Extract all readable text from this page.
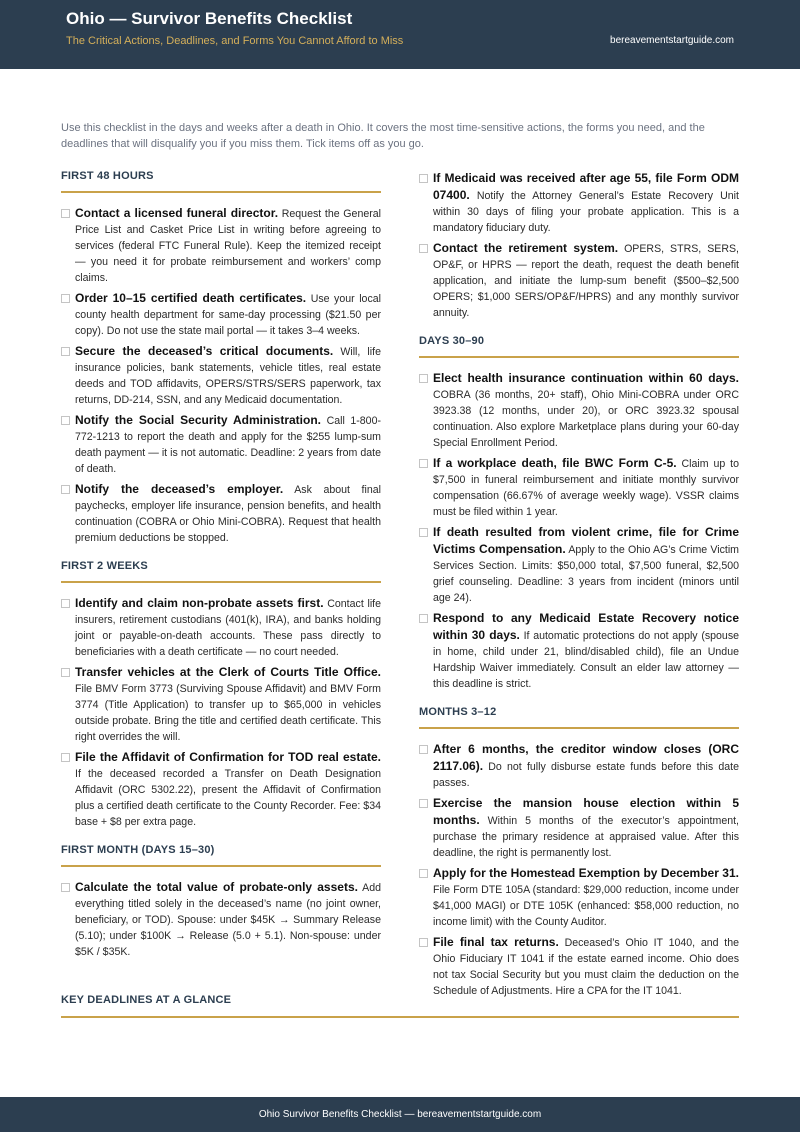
Ohio — Survivor Benefits Checklist
The Critical Actions, Deadlines, and Forms You Cannot Afford to Miss	bereavementstartguide.com

Use this checklist in the days and weeks after a death in Ohio. It covers the most time-sensitive actions, the forms you need, and the deadlines that will disqualify you if you miss them. Tick items off as you go.

FIRST 48 HOURS
Contact a licensed funeral director. Request the General Price List and Casket Price List in writing before agreeing to services (federal FTC Funeral Rule). Keep the itemized receipt — you need it for probate reimbursement and workers’ comp claims.
Order 10–15 certified death certificates. Use your local county health department for same-day processing ($21.50 per copy). Do not use the state mail portal — it takes 3–4 weeks.
Secure the deceased’s critical documents. Will, life insurance policies, bank statements, vehicle titles, real estate deeds and TOD affidavits, OPERS/STRS/SERS paperwork, tax returns, DD-214, SSN, and any Medicaid documentation.
Notify the Social Security Administration. Call 1-800-772-1213 to report the death and apply for the $255 lump-sum death payment — it is not automatic. Deadline: 2 years from date of death.
Notify the deceased’s employer. Ask about final paychecks, employer life insurance, pension benefits, and health continuation (COBRA or Ohio Mini-COBRA). Request that health premium deductions be stopped.
FIRST 2 WEEKS
Identify and claim non-probate assets first. Contact life insurers, retirement custodians (401(k), IRA), and banks holding joint or payable-on-death accounts. These pass directly to beneficiaries with a death certificate — no court needed.
Transfer vehicles at the Clerk of Courts Title Office. File BMV Form 3773 (Surviving Spouse Affidavit) and BMV Form 3774 (Title Application) to transfer up to $65,000 in vehicles outside probate. Bring the title and certified death certificate. This right overrides the will.
File the Affidavit of Confirmation for TOD real estate. If the deceased recorded a Transfer on Death Designation Affidavit (ORC 5302.22), present the Affidavit of Confirmation plus a certified death certificate to the County Recorder. Fee: $34 base + $8 per extra page.
FIRST MONTH (DAYS 15–30)
Calculate the total value of probate-only assets. Add everything titled solely in the deceased’s name (no joint owner, beneficiary, or TOD). Spouse: under $45K → Summary Release (5.10); under $100K → Release (5.0 + 5.1). Non-spouse: under $5K / $35K.
If Medicaid was received after age 55, file Form ODM 07400. Notify the Attorney General’s Estate Recovery Unit within 30 days of filing your probate application. This is a mandatory fiduciary duty.
Contact the retirement system. OPERS, STRS, SERS, OP&F, or HPRS — report the death, request the death benefit application, and initiate the lump-sum benefit ($500–$2,500 OPERS; $1,000 SERS/OP&F/HPRS) and any monthly survivor annuity.
DAYS 30–90
Elect health insurance continuation within 60 days. COBRA (36 months, 20+ staff), Ohio Mini-COBRA under ORC 3923.38 (12 months, under 20), or ORC 3923.32 spousal continuation. Also explore Marketplace plans during your 60-day Special Enrollment Period.
If a workplace death, file BWC Form C-5. Claim up to $7,500 in funeral reimbursement and initiate monthly survivor compensation (66.67% of average weekly wage). VSSR claims must be filed within 1 year.
If death resulted from violent crime, file for Crime Victims Compensation. Apply to the Ohio AG’s Crime Victim Services Section. Limits: $50,000 total, $7,500 funeral, $2,500 grief counseling. Deadline: 3 years from incident (minors until age 24).
Respond to any Medicaid Estate Recovery notice within 30 days. If automatic protections do not apply (spouse in home, child under 21, blind/disabled child), file an Undue Hardship Waiver immediately. Consult an elder law attorney — this deadline is strict.
MONTHS 3–12
After 6 months, the creditor window closes (ORC 2117.06). Do not fully disburse estate funds before this date passes.
Exercise the mansion house election within 5 months. Within 5 months of the executor’s appointment, purchase the primary residence at appraised value. After this deadline, the right is permanently lost.
Apply for the Homestead Exemption by December 31. File Form DTE 105A (standard: $29,000 reduction, income under $41,000 MAGI) or DTE 105K (enhanced: $58,000 reduction, no income limit) with the County Auditor.
File final tax returns. Deceased’s Ohio IT 1040, and the Ohio Fiduciary IT 1041 if the estate earned income. Ohio does not tax Social Security but you must claim the deduction on the Schedule of Adjustments. Hire a CPA for the IT 1041.
KEY DEADLINES AT A GLANCE
Ohio Survivor Benefits Checklist — bereavementstartguide.com
